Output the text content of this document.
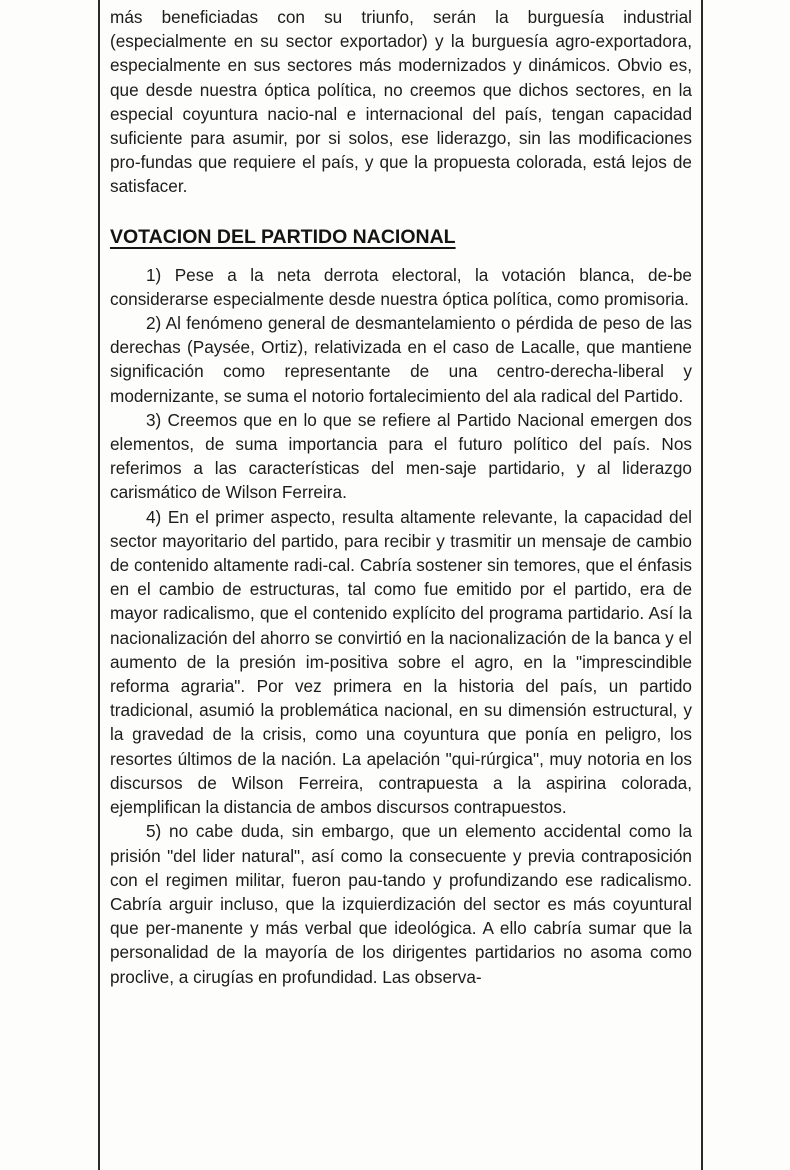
más beneficiadas con su triunfo, serán la burguesía industrial (especialmente en su sector exportador) y la burguesía agro-exportadora, especialmente en sus sectores más modernizados y dinámicos. Obvio es, que desde nuestra óptica política, no creemos que dichos sectores, en la especial coyuntura nacio-nal e internacional del país, tengan capacidad suficiente para asumir, por si solos, ese liderazgo, sin las modificaciones pro-fundas que requiere el país, y que la propuesta colorada, está lejos de satisfacer.

VOTACION DEL PARTIDO NACIONAL

1) Pese a la neta derrota electoral, la votación blanca, de-be considerarse especialmente desde nuestra óptica política, como promisoria.

2) Al fenómeno general de desmantelamiento o pérdida de peso de las derechas (Paysée, Ortiz), relativizada en el caso de Lacalle, que mantiene significación como representante de una centro-derecha-liberal y modernizante, se suma el notorio fortalecimiento del ala radical del Partido.

3) Creemos que en lo que se refiere al Partido Nacional emergen dos elementos, de suma importancia para el futuro político del país. Nos referimos a las características del men-saje partidario, y al liderazgo carismático de Wilson Ferreira.

4) En el primer aspecto, resulta altamente relevante, la capacidad del sector mayoritario del partido, para recibir y trasmitir un mensaje de cambio de contenido altamente radi-cal. Cabría sostener sin temores, que el énfasis en el cambio de estructuras, tal como fue emitido por el partido, era de mayor radicalismo, que el contenido explícito del programa partidario. Así la nacionalización del ahorro se convirtió en la nacionalización de la banca y el aumento de la presión im-positiva sobre el agro, en la "imprescindible reforma agraria". Por vez primera en la historia del país, un partido tradicional, asumió la problemática nacional, en su dimensión estructural, y la gravedad de la crisis, como una coyuntura que ponía en peligro, los resortes últimos de la nación. La apelación "qui-rúrgica", muy notoria en los discursos de Wilson Ferreira, contrapuesta a la aspirina colorada, ejemplifican la distancia de ambos discursos contrapuestos.

5) no cabe duda, sin embargo, que un elemento accidental como la prisión "del lider natural", así como la consecuente y previa contraposición con el regimen militar, fueron pau-tando y profundizando ese radicalismo. Cabría arguir incluso, que la izquierdización del sector es más coyuntural que per-manente y más verbal que ideológica. A ello cabría sumar que la personalidad de la mayoría de los dirigentes partidarios no asoma como proclive, a cirugías en profundidad. Las observa-
